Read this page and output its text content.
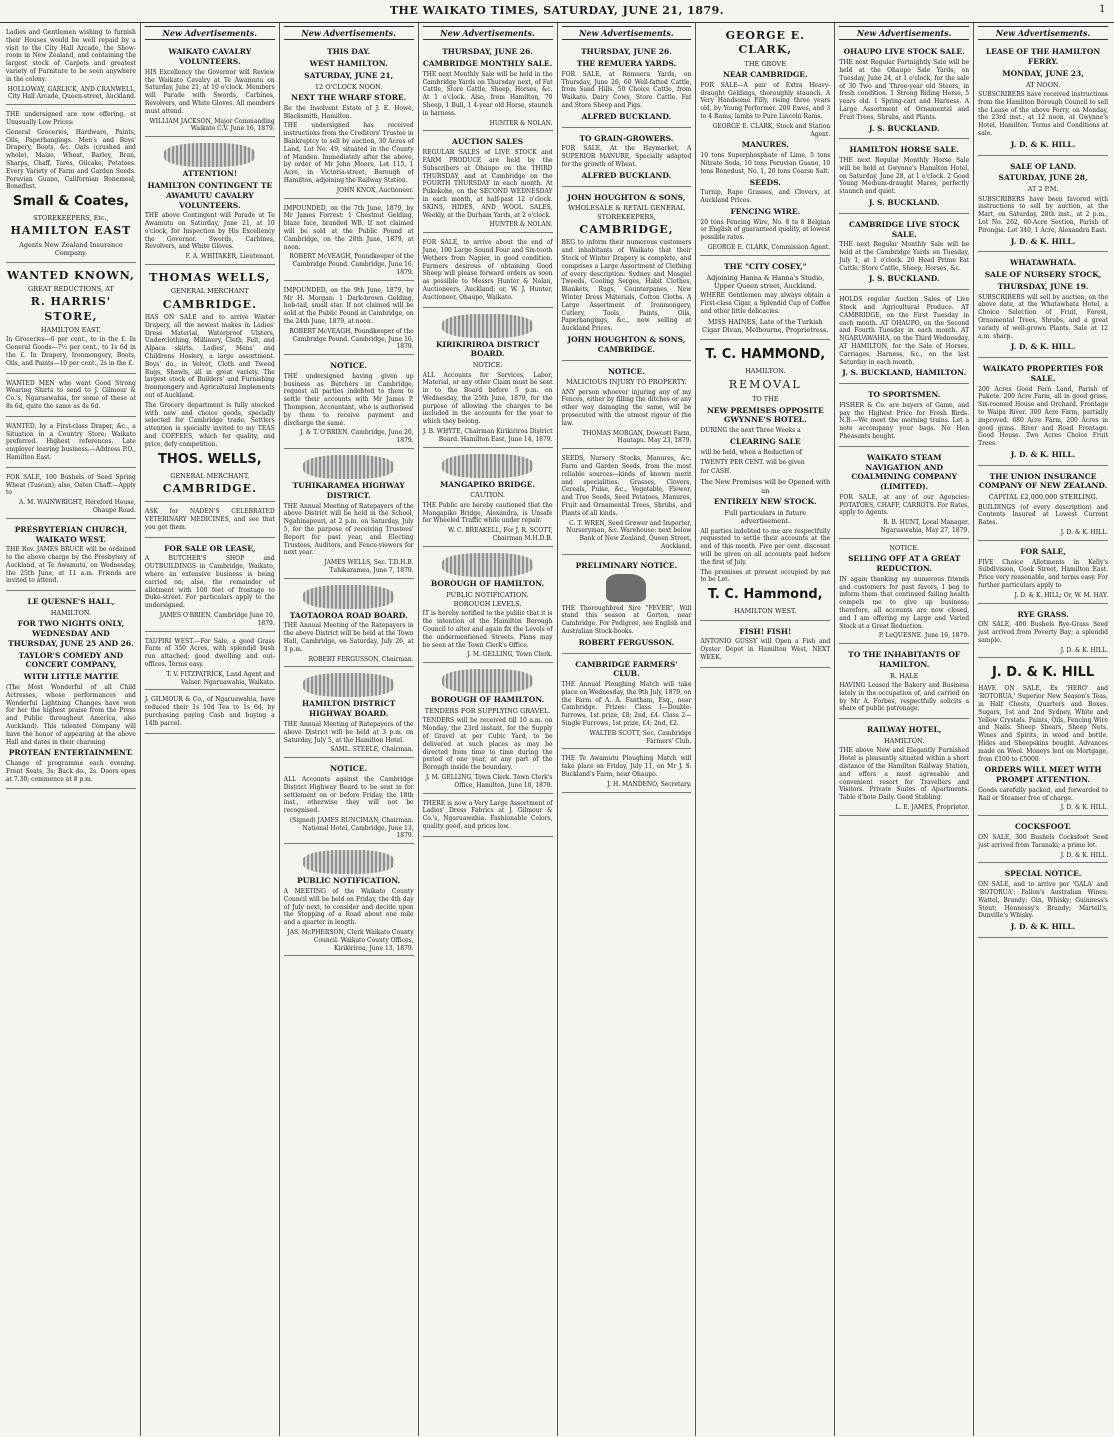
THE WAIKATO TIMES, SATURDAY, JUNE 21, 1879.	1
Ladies and Gentlemen wishing to furnish their Houses would be well repaid by a visit to the City Hall Arcade, the Show-room in New Zealand, and containing the largest stock of Carpets and greatest variety of Furniture to be seen anywhere in the colony.
HOLLOWAY, GARLICK, AND CRANWELL, City Hall Arcade, Queen-street, Auckland.
THE undersigned are now offering, at Unusually Low Prices:
General Groceries, Hardware, Paints, Oils, Paperhangings. Men's and Boys' Drapery, Boots, &c. Oats (crushed and whole), Maize, Wheat, Barley, Bran, Sharps, Chaff, Tares, Oilcake, Potatoes. Every Variety of Farm and Garden Seeds. Peruvian Guano, Californian Bonemeal, Bonedust.
Small & Coates,
STOREKEEPERS, Etc.,
HAMILTON EAST
Agents New Zealand Insurance Company.
WANTED KNOWN,
GREAT REDUCTIONS, AT
R. HARRIS' STORE,
HAMILTON EAST.
In Groceries—6 per cent., to in the £. In General Goods—7½ per cent., to 1s 6d in the £. In Drapery, Ironmongery, Boots, Oils, and Paints—10 per cent., 2s in the £.
WANTED MEN who want Good Strong Wearing Shirts to send to J. Gilmour & Co.'s, Ngaruawahia, for some of these at 8s 6d, quite the same as 4s 6d.
WANTED, by a First-class Draper, &c., a Situation in a Country Store; Waikato preferred. Highest references. Late employer leaving business.—Address P.O., Hamilton East.
FOR SALE, 100 Bushels of Seed Spring Wheat (Tuscan); also, Oaten Chaff.—Apply to
A. M. WAINWRIGHT, Hereford House, Ohaupo Road.
PRESBYTERIAN CHURCH, WAIKATO WEST.
THE Rev. JAMES BRUCE will be ordained to the above charge by the Presbytery of Auckland, at Te Awamutu, on Wednesday, the 25th June, at 11 a.m. Friends are invited to attend.
LE QUESNE'S HALL,
HAMILTON.
FOR TWO NIGHTS ONLY, WEDNESDAY AND THURSDAY, JUNE 25 AND 26.
TAYLOR'S COMEDY AND CONCERT COMPANY,
WITH LITTLE MATTIE
(The Most Wonderful of all Child Actresses, whose performances and Wonderful Lightning Changes have won for her the highest praise from the Press and Public throughout America, also Auckland). This talented Company will have the honor of appearing at the above Hall and dates in their charming
PROTEAN ENTERTAINMENT.
Change of programme each evening. Front Seats, 3s; Back do., 2s. Doors open at 7.30; commence at 8 p.m.
New Advertisements.
WAIKATO CAVALRY VOLUNTEERS.
HIS Excellency the Governor will Review the Waikato Cavalry at Te Awamutu on Saturday, June 21, at 10 o'clock. Members will Parade with Swords, Carbines, Revolvers, and White Gloves. All members must attend.
WILLIAM JACKSON, Major Commanding Waikato C.V. June 16, 1879.
ATTENTION!
HAMILTON CONTINGENT TE AWAMUTU CAVALRY VOLUNTEERS.
THE above Contingent will Parade at Te Awamutu on Saturday, June 21, at 10 o'clock, for Inspection by His Excellency the Governor. Swords, Carbines, Revolvers, and White Gloves.
F. A. WHITAKER, Lieutenant.
THOMAS WELLS,
GENERAL MERCHANT
CAMBRIDGE.
HAS ON SALE and to arrive Winter Drapery, all the newest makes in Ladies' Dress Material, Waterproof Ulsters, Underclothing, Millinery, Cloth, Felt, and Alpaca skirts. Ladies', Mens' and Childrens Hosiery, a large assortment. Boys' do., in Velvet, Cloth and Tweed Rugs, Shawls, all in great variety. The largest stock of Builders' and Furnishing Ironmongery and Agricultural Implements out of Auckland.
The Grocery department is fully stocked with new and choice goods, specially selected for Cambridge trade. Settlers attention is specially invited to my TEAS and COFFEES, which for quality, and price, defy competition.
THOS. WELLS,
GENERAL MERCHANT,
CAMBRIDGE.
ASK for NADEN'S CELEBRATED VETERINARY MEDICINES, and see that you get them.
FOR SALE OR LEASE,
A BUTCHER'S SHOP and OUTBUILDINGS in Cambridge, Waikato, where an extensive business is being carried on; also, the remainder of allotment with 100 feet of frontage to Duke-street. For particulars apply to the undersigned.
JAMES O'BRIEN. Cambridge June 10, 1879.
TAUPIRI WEST.—For Sale, a good Grass Farm of 350 Acres, with splendid bush run attached; good dwelling and out-offices. Terms easy.
T. V. FITZPATRICK, Land Agent and Valuer. Ngaruawahia, Waikato.
J. GILMOUR & Co., of Ngaruawahia, have reduced their 1s 10d Tea to 1s 6d, by purchasing paying Cash and buying a 14lb parcel.
New Advertisements.
THIS DAY.
WEST HAMILTON.
SATURDAY, JUNE 21,
12 O'CLOCK NOON.
NEXT THE WHARF STORE.
Re the Insolvent Estate of J. E. Howe, Blacksmith, Hamilton.
THE undersigned has received instructions from the Creditors' Trustee in Bankruptcy to sell by auction, 30 Acres of Land, Lot No. 49, situated in the County of Manden. Immediately after the above, by order of Mr John Moore, Lot 115, 1 Acre, in Victoria-street, Borough of Hamilton, adjoining the Railway Station.
JOHN KNOX, Auctioneer.
IMPOUNDED, on the 7th June, 1879, by Mr James Forrest: 1 Chestnut Gelding, blaze face, branded WB. If not claimed will be sold at the Public Pound at Cambridge, on the 28th June, 1879, at noon.
ROBERT McVEAGH, Poundkeeper of the Cambridge Pound. Cambridge, June 16, 1879.
IMPOUNDED, on the 9th June, 1879, by Mr H. Morgan: 1 Dark-brown Gelding, hob-tail, small star. If not claimed will be sold at the Public Pound at Cambridge, on the 24th June, 1879, at noon.
ROBERT McVEAGH, Poundkeeper of the Cambridge Pound. Cambridge, June 16, 1879.
NOTICE.
THE undersigned having given up business as Butchers in Cambridge, request all parties indebted to them to settle their accounts with Mr James P. Thompson, Accountant, who is authorised by them to receive payment and discharge the same.
J. & T. O'BRIEN. Cambridge, June 20, 1879.
TUHIKARAMEA HIGHWAY DISTRICT.
THE Annual Meeting of Ratepayers of the above District will be held in the School, Ngahinapouri, at 2 p.m. on Saturday, July 5, for the purpose of receiving Trustees' Report for past year, and Electing Trustees, Auditors, and Fence-viewers for next year.
JAMES WELLS, Sec. T.D.H.B. Tuhikaramea, June 7, 1879.
TAOTAOROA ROAD BOARD.
THE Annual Meeting of the Ratepayers in the above District will be held at the Town Hall, Cambridge, on Saturday, July 26, at 3 p.m.
ROBERT FERGUSSON, Chairman.
HAMILTON DISTRICT HIGHWAY BOARD.
THE Annual Meeting of Ratepayers of the above District will be held at 3 p.m. on Saturday, July 5, at the Hamilton Hotel.
SAML. STEELE, Chairman.
NOTICE.
ALL Accounts against the Cambridge District Highway Board to be sent in for settlement on or before Friday, the 18th inst., otherwise they will not be recognised.
(Signed) JAMES RUNCIMAN, Chairman. National Hotel, Cambridge, June 13, 1879.
PUBLIC NOTIFICATION.
A MEETING of the Waikato County Council will be held on Friday, the 4th day of July next, to consider and decide upon the Stopping of a Road about one mile and a quarter in length.
JAS. McPHERSON, Clerk Waikato County Council. Waikato County Offices, Kirikiriroa, June 13, 1879.
New Advertisements.
THURSDAY, JUNE 26.
CAMBRIDGE MONTHLY SALE.
THE next Monthly Sale will be held in the Cambridge Yards on Thursday next, of Fat Cattle, Store Cattle, Sheep, Horses, &c. At 1 o'clock. Also, from Hamilton, 70 Sheep, 1 Bull, 1 4-year old Horse, staunch in harness.
HUNTER & NOLAN.
AUCTION SALES
REGULAR SALES of LIVE STOCK and FARM PRODUCE are held by the Subscribers at Ohaupo on the THIRD THURSDAY, and at Cambridge on the FOURTH THURSDAY in each month. At Pukekohe, on the SECOND WEDNESDAY in each month, at half-past 12 o'clock. SKINS, HIDES, AND WOOL SALES, Weekly, at the Durham Yards, at 2 o'clock.
HUNTER & NOLAN.
FOR SALE, to arrive about the end of June, 100 Large Sound Four and Six-tooth Wethers from Napier, in good condition. Farmers desirous of obtaining Good Sheep will please forward orders as soon as possible to Messrs Hunter & Nolan, Auctioneers, Auckland; or, W. J. Hunter, Auctioneer, Ohaupo, Waikato.
KIRIKIRIROA DISTRICT BOARD.
NOTICE.
ALL Accounts for Services, Labor, Material, or any other Claim must be sent in to the Board before 5 p.m. on Wednesday, the 25th June, 1879, for the purpose of allowing the charges to be included in the accounts for the year to which they belong.
J. B. WHYTE, Chairman Kirikiriroa District Board. Hamilton East, June 14, 1879.
MANGAPIKO BRIDGE.
CAUTION.
THE Public are hereby cautioned that the Mangapiko Bridge, Alexandra, is Unsafe for Wheeled Traffic while under repair.
W. C. BREAKELL, For J. R. SCOTT, Chairman M.H.D.B.
BOROUGH OF HAMILTON.
PUBLIC NOTIFICATION.
BOROUGH LEVELS.
IT is hereby notified to the public that it is the intention of the Hamilton Borough Council to alter and again fix the Levels of the undermentioned Streets. Plans may be seen at the Town Clerk's Office.
J. M. GELLING, Town Clerk.
BOROUGH OF HAMILTON.
TENDERS FOR SUPPLYING GRAVEL.
TENDERS will be received till 10 a.m. on Monday, the 23rd instant, for the Supply of Gravel at per Cubic Yard, to be delivered at such places as may be directed from time to time during the period of one year, at any part of the Borough inside the boundary.
J. M. GELLING, Town Clerk. Town Clerk's Office, Hamilton, June 10, 1879.
THERE is now a Very Large Assortment of Ladies' Dress Fabrics at J. Gilmour & Co.'s, Ngaruawahia. Fashionable Colors, quality good, and prices low.
New Advertisements.
THURSDAY, JUNE 26.
THE REMUERA YARDS.
FOR SALE, at Remuera Yards, on Thursday, June 26, 60 Well-fatted Cattle, from Sand Hills. 50 Choice Cattle, from Waikato. Dairy Cows, Store Cattle. Fat and Store Sheep and Pigs.
ALFRED BUCKLAND.
TO GRAIN-GROWERS.
FOR SALE, At the Haymarket, A SUPERIOR MANURE, Specially adapted for the growth of Wheat.
ALFRED BUCKLAND.
JOHN HOUGHTON & SONS,
WHOLESALE & RETAIL GENERAL STOREKEEPERS,
CAMBRIDGE,
BEG to inform their numerous customers and inhabitants of Waikato that their Stock of Winter Drapery is complete, and comprises a Large Assortment of Clothing of every description: Sydney and Mosgiel Tweeds, Cooling Serges, Habit Clothes, Blankets, Rugs, Counterpanes, New Winter Dress Materials, Cotton Cloths. A Large Assortment of Ironmongery, Cutlery, Tools, Paints, Oils, Paperhangings, &c., now selling at Auckland Prices.
JOHN HOUGHTON & SONS, CAMBRIDGE.
NOTICE.
MALICIOUS INJURY TO PROPERTY.
ANY person whoever injuring any of my Fences, either by filling the ditches or any other way damaging the same, will be prosecuted with the utmost rigour of the law.
THOMAS MORGAN, Dowcott Farm, Hautapu. May 23, 1879.
SEEDS, Nursery Stocks, Manures, &c. Farm and Garden Seeds, from the most reliable sources—kinds of known merit and specialities. Grasses, Clovers, Cereals, Pulse, &c., Vegetable, Flower, and Tree Seeds, Seed Potatoes, Manures, Fruit and Ornamental Trees, Shrubs, and Plants of all kinds.
C. T. WREN, Seed Grower and Importer, Nurseryman, &c. Warehouse: next below Bank of New Zealand, Queen Street, Auckland.
PRELIMINARY NOTICE.
THE Thoroughbred Sire "FEVER", Will stand this season at Gorton, near Cambridge. For Pedigree, see English and Australian Stock-books.
ROBERT FERGUSSON.
CAMBRIDGE FARMERS' CLUB.
THE Annual Ploughing Match will take place on Wednesday, the 9th July, 1879, on the Farm of A. A. Fantham, Esq., near Cambridge. Prizes: Class I—Double-furrows, 1st prize, £8; 2nd, £4. Class 2—Single Furrows, 1st prize, £4; 2nd, £2.
WALTER SCOTT, Sec. Cambridge Farmers' Club.
THE Te Awamutu Ploughing Match will take place on Friday, July 11, on Mr J. S. Buckland's Farm, near Ohaupo.
J. H. MANDENO, Secretary.
GEORGE E. CLARK,
THE GROVE
NEAR CAMBRIDGE.
FOR SALE—A pair of Extra Heavy-draught Geldings, thoroughly staunch. A Very Handsome Filly, rising three years old, by Young Performer. 200 Ewes, and 3 to 4 Rams, lambs to Pure Lincoln Rams.
GEORGE E. CLARK, Stock and Station Agent.
MANURES.
10 tons Superphosphate of Lime, 5 tons Nitrate Soda, 10 tons Peruvian Guano, 10 tons Bonedust, No. 1, 20 tons Coarse Salt.
SEEDS.
Turnip, Rape Grasses, and Clovers, at Auckland Prices.
FENCING WIRE.
20 tons Fencing Wire, No. 8 to 8 Belgian or English of guaranteed quality, at lowest possible rates.
GEORGE E. CLARK, Commission Agent.
THE "CITY COSEY,"
Adjoining Hanna & Hanna's Studio, Upper Queen street, Auckland.
WHERE Gentlemen may always obtain a First-class Cigar, a Splendid Cup of Coffee and other little delicacies.
MISS HAINES, Late of the Turkish Cigar Divan, Melbourne, Proprietress.
T. C. HAMMOND,
HAMILTON.
REMOVAL
TO THE
NEW PREMISES OPPOSITE GWYNNE'S HOTEL.
DURING the next Three Weeks a
CLEARING SALE
will be held, when a Reduction of
TWENTY PER CENT. will be given
for CASH.
The New Premises will be Opened with an
ENTIRELY NEW STOCK.
Full particulars in future advertisement.
All parties indebted to me are respectfully requested to settle their accounts at the end of this month. Five per cent. discount will be given on all accounts paid before the first of July.
The premises at present occupied by me to be Let.
T. C. Hammond,
HAMILTON WEST.
FISH! FISH!
ANTONIO GUSSY will Open a Fish and Oyster Depot in Hamilton West, NEXT WEEK.
New Advertisements.
OHAUPO LIVE STOCK SALE.
THE next Regular Fortnightly Sale will be held at the Ohaupo Sale Yards, on Tuesday, June 24, at 1 o'clock, for the sale of 30 Two and Three-year old Steers, in fresh condition. 1 Strong Riding Horse, 5 years old. 1 Spring-cart and Harness. A Large Assortment of Ornamental and Fruit Trees, Shrubs, and Plants.
J. S. BUCKLAND.
HAMILTON HORSE SALE.
THE next Regular Monthly Horse Sale will be held at Gwynne's Hamilton Hotel, on Saturday, June 28, at 1 o'clock. 2 Good Young Medium-draught Mares, perfectly staunch and quiet.
J. S. BUCKLAND.
CAMBRIDGE LIVE STOCK SALE.
THE next Regular Monthly Sale will be held at the Cambridge Yards on Tuesday, July 1, at 1 o'clock. 20 Head Prime Fat Cattle. Store Cattle, Sheep, Horses, &c.
J. S. BUCKLAND.
HOLDS regular Auction Sales of Live Stock and Agricultural Produce. AT CAMBRIDGE, on the First Tuesday in each month. AT OHAUPO, on the Second and Fourth Tuesday in each month. AT NGARUAWAHIA, on the Third Wednesday. AT HAMILTON, for the Sale of Horses, Carriages, Harness, &c., on the last Saturday in each month.
J. S. BUCKLAND, HAMILTON.
TO SPORTSMEN.
FISHER & Co. are buyers of Game, and pay the Highest Price for Fresh Birds. N.B.—We meet the morning trains. Let a note accompany your bags. No Hen Pheasants bought.
WAIKATO STEAM NAVIGATION AND COALMINING COMPANY (LIMITED).
FOR SALE, at any of our Agencies: POTATOES, CHAFF, CARROTS. For Rates, apply to Agents.
R. B. HUNT, Local Manager. Ngaruawahia, May 27, 1879.
NOTICE.
SELLING OFF AT A GREAT REDUCTION.
IN again thanking my numerous friends and customers for past favors, I beg to inform them that continued failing health compels me to give up business; therefore, all accounts are now closed, and I am offering my Large and Varied Stock at a Great Reduction.
P. LeQUESNE. June 16, 1879.
TO THE INHABITANTS OF HAMILTON.
R. HALE
HAVING Leased the Bakery and Business lately in the occupation of, and carried on by Mr A. Forbes, respectfully solicits a share of public patronage.
RAILWAY HOTEL,
HAMILTON.
THE above New and Elegantly Furnished Hotel is pleasantly situated within a short distance of the Hamilton Railway Station, and offers a most agreeable and convenient resort for Travellers and Visitors. Private Suites of Apartments. Table d'hote Daily. Good Stabling.
L. E. JAMES, Proprietor.
New Advertisements.
LEASE OF THE HAMILTON FERRY.
MONDAY, JUNE 23,
AT NOON.
SUBSCRIBERS have received instructions from the Hamilton Borough Council to sell the Lease of the above Ferry, on Monday, the 23rd inst., at 12 noon, at Gwynne's Hotel, Hamilton. Terms and Conditions at sale.
J. D. & K. HILL.
SALE OF LAND.
SATURDAY, JUNE 28,
AT 2 P.M.
SUBSCRIBERS have been favored with instructions to sell by auction, at the Mart, on Saturday, 28th inst., at 2 p.m., Lot No. 262, 60-Acre Section, Parish of Pirongia. Lot 340, 1 Acre, Alexandra East.
J. D. & K. HILL.
WHATAWHATA.
SALE OF NURSERY STOCK,
THURSDAY, JUNE 19.
SUBSCRIBERS will sell by auction, on the above date, at the Whatawhata Hotel, a Choice Selection of Fruit, Forest, Ornamental Trees, Shrubs, and a great variety of well-grown Plants. Sale at 12 a.m. sharp.
J. D. & K. HILL.
WAIKATO PROPERTIES FOR SALE.
200 Acres Good Fern Land, Parish of Pukete. 200 Acre Farm, all in good grass, Six-roomed House and Orchard. Frontage to Waipa River. 300 Acre Farm, partially improved. 680 Acre Farm, 200 Acres in good grass. River and Road Frontage. Good House. Two Acres Choice Fruit Trees.
J. D. & K. HILL.
THE UNION INSURANCE COMPANY OF NEW ZEALAND.
CAPITAL £2,000,000 STERLING.
BUILDINGS (of every description) and Contents Insured at Lowest Current Rates.
J. D. & K. HILL.
FOR SALE,
FIVE Choice Allotments in Kelly's Subdivision, Cook Street, Hamilton East. Price very reasonable, and terms easy. For further particulars apply to
J. D. & K. HILL; Or, W. M. HAY.
RYE GRASS.
ON SALE, 400 Bushels Rye-Grass Seed just arrived from Poverty Bay; a splendid sample.
J. D. & K. HILL.
J. D. & K. HILL
HAVE ON SALE, Ex 'HERO' and 'ROTORUA,' Superior New Season's Teas, in Half Chests, Quarters and Boxes. Sugars, 1st and 2nd Sydney, White and Yellow Crystals. Paints, Oils, Fencing Wire and Nails. Sheep Shears, Sheep Nets. Wines and Spirits, in wood and bottle. Hides and Sheepskins bought. Advances made on Wool. Moneys lent on Mortgage, from £100 to £5000.
ORDERS WILL MEET WITH PROMPT ATTENTION.
Goods carefully packed, and forwarded to Rail or Steamer free of charge.
J. D. & K. HILL.
COCKSFOOT.
ON SALE, 300 Bushels Cocksfoot Seed just arrived from Taranaki; a prime lot.
J. D. & K. HILL.
SPECIAL NOTICE.
ON SALE, and to arrive per 'GALA' and 'ROTORUA': Fallon's Australian Wines; Wattel, Brandy; Gin, Whisky; Guinness's Stout; Hennessy's Brandy; Martell's, Dunville's Whisky.
J. D. & K. HILL.
